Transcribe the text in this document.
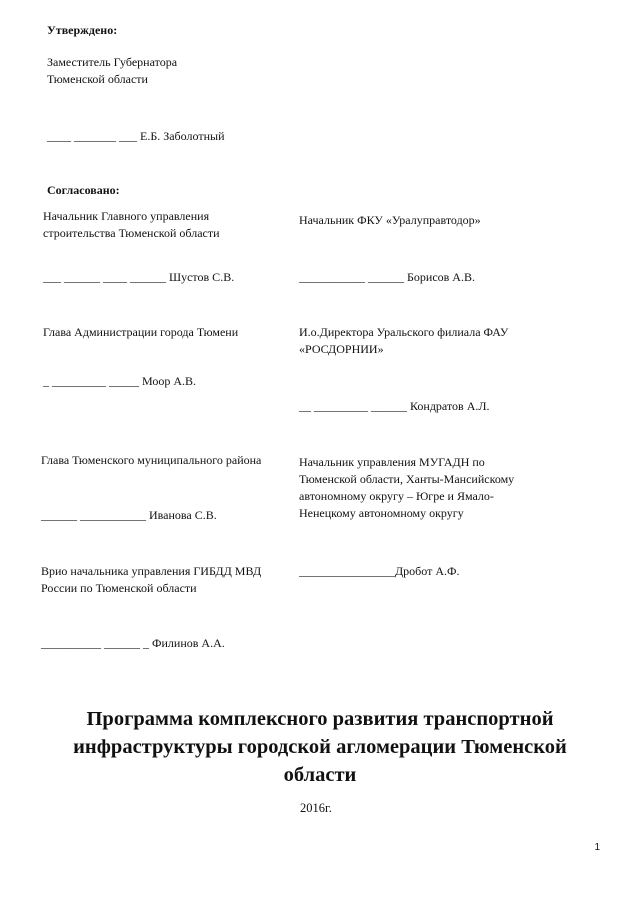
Утверждено:
Заместитель Губернатора
Тюменской области
____ _______ ___ Е.Б. Заболотный
Согласовано:
Начальник Главного управления строительства Тюменской области
___ ______ ____ ______ Шустов С.В.
Глава Администрации города Тюмени
_ _________ _____ Моор А.В.
Глава Тюменского муниципального района
______ ___________ Иванова С.В.
Врио начальника управления ГИБДД МВД России по Тюменской области
__________ ______ _ Филинов А.А.
Начальник ФКУ «Уралуправтодор»
___________ ______ Борисов А.В.
И.о.Директора Уральского филиала ФАУ «РОСДОРНИИ»
__ _________ ______ Кондратов А.Л.
Начальник управления МУГАДН по Тюменской области, Ханты-Мансийскому автономному округу – Югре и Ямало-Ненецкому автономному округу
________________Дробот А.Ф.
Программа комплексного развития транспортной инфраструктуры городской агломерации Тюменской области
2016г.
1
